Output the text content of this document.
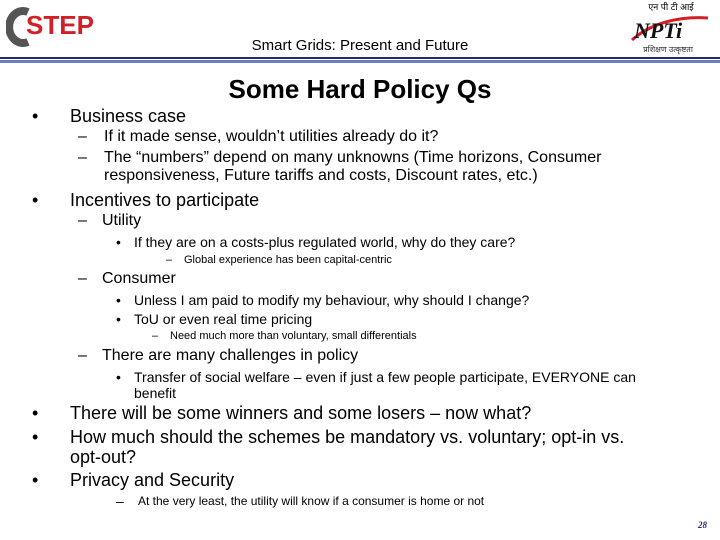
STEP
Smart Grids: Present and Future
एन पी टी आई
NPTi
प्रशिक्षण उत्कृष्टता
Some Hard Policy Qs
• Business case
– If it made sense, wouldn’t utilities already do it?
– The “numbers” depend on many unknowns (Time horizons, Consumer
responsiveness, Future tariffs and costs, Discount rates, etc.)
• Incentives to participate
– Utility
• If they are on a costs-plus regulated world, why do they care?
– Global experience has been capital-centric
– Consumer
• Unless I am paid to modify my behaviour, why should I change?
• ToU or even real time pricing
– Need much more than voluntary, small differentials
– There are many challenges in policy
• Transfer of social welfare – even if just a few people participate, EVERYONE can
benefit
• There will be some winners and some losers – now what?
• How much should the schemes be mandatory vs. voluntary; opt-in vs.
opt-out?
• Privacy and Security
– At the very least, the utility will know if a consumer is home or not
28
